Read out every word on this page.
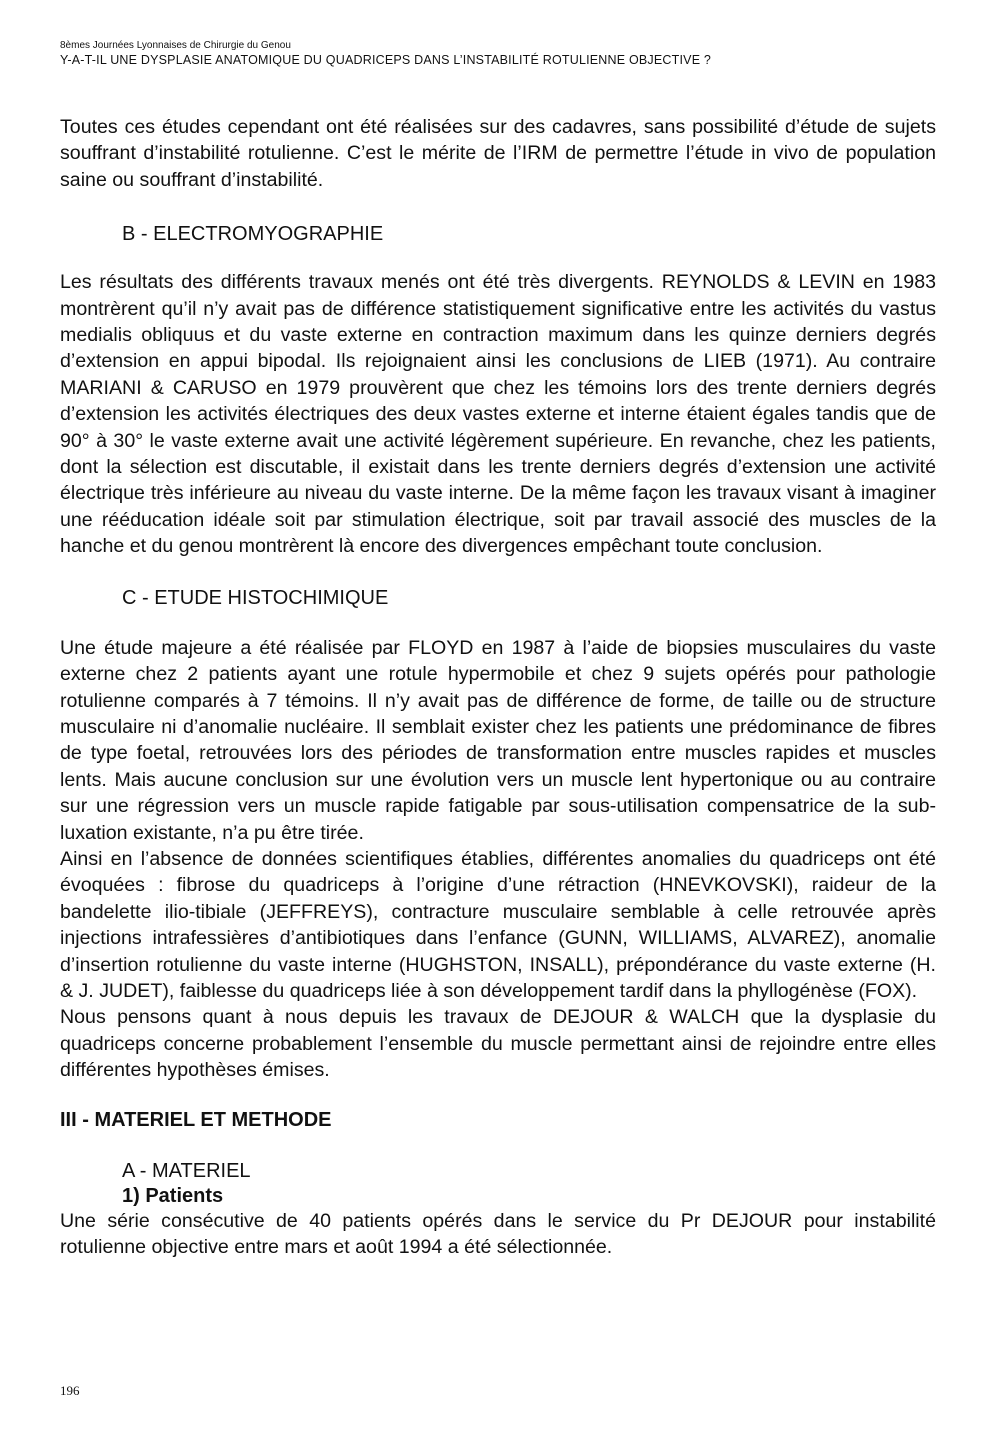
8èmes Journées Lyonnaises de Chirurgie du Genou
Y-A-T-IL UNE DYSPLASIE ANATOMIQUE DU QUADRICEPS DANS L’INSTABILITÉ ROTULIENNE OBJECTIVE ?

Toutes ces études cependant ont été réalisées sur des cadavres, sans possibilité d’étude de sujets souffrant d’instabilité rotulienne. C’est le mérite de l’IRM de permettre l’étude in vivo de population saine ou souffrant d’instabilité.

B - ELECTROMYOGRAPHIE

Les résultats des différents travaux menés ont été très divergents. REYNOLDS & LEVIN en 1983 montrèrent qu’il n’y avait pas de différence statistiquement significative entre les activités du vastus medialis obliquus et du vaste externe en contraction maximum dans les quinze derniers degrés d’extension en appui bipodal. Ils rejoignaient ainsi les conclusions de LIEB (1971). Au contraire MARIANI & CARUSO en 1979 prouvèrent que chez les témoins lors des trente derniers degrés d’extension les activités électriques des deux vastes externe et interne étaient égales tandis que de 90° à 30° le vaste externe avait une activité légèrement supérieure. En revanche, chez les patients, dont la sélection est discutable, il existait dans les trente derniers degrés d’extension une activité électrique très inférieure au niveau du vaste interne. De la même façon les travaux visant à imaginer une rééducation idéale soit par stimulation électrique, soit par travail associé des muscles de la hanche et du genou montrèrent là encore des divergences empêchant toute conclusion.

C - ETUDE HISTOCHIMIQUE

Une étude majeure a été réalisée par FLOYD en 1987 à l’aide de biopsies musculaires du vaste externe chez 2 patients ayant une rotule hypermobile et chez 9 sujets opérés pour pathologie rotulienne comparés à 7 témoins. Il n’y avait pas de différence de forme, de taille ou de structure musculaire ni d’anomalie nucléaire. Il semblait exister chez les patients une prédominance de fibres de type foetal, retrouvées lors des périodes de transformation entre muscles rapides et muscles lents. Mais aucune conclusion sur une évolution vers un muscle lent hypertonique ou au contraire sur une régression vers un muscle rapide fatigable par sous-utilisation compensatrice de la sub-luxation existante, n’a pu être tirée.

Ainsi en l’absence de données scientifiques établies, différentes anomalies du quadriceps ont été évoquées : fibrose du quadriceps à l’origine d’une rétraction (HNEVKOVSKI), raideur de la bandelette ilio-tibiale (JEFFREYS), contracture musculaire semblable à celle retrouvée après injections intrafessières d’antibiotiques dans l’enfance (GUNN, WILLIAMS, ALVAREZ), anomalie d’insertion rotulienne du vaste interne (HUGHSTON, INSALL), prépondérance du vaste externe (H. & J. JUDET), faiblesse du quadriceps liée à son développement tardif dans la phyllogénèse (FOX).

Nous pensons quant à nous depuis les travaux de DEJOUR & WALCH que la dysplasie du quadriceps concerne probablement l’ensemble du muscle permettant ainsi de rejoindre entre elles différentes hypothèses émises.

III - MATERIEL ET METHODE
A - MATERIEL
1) Patients

Une série consécutive de 40 patients opérés dans le service du Pr DEJOUR pour instabilité rotulienne objective entre mars et août 1994 a été sélectionnée.

196
